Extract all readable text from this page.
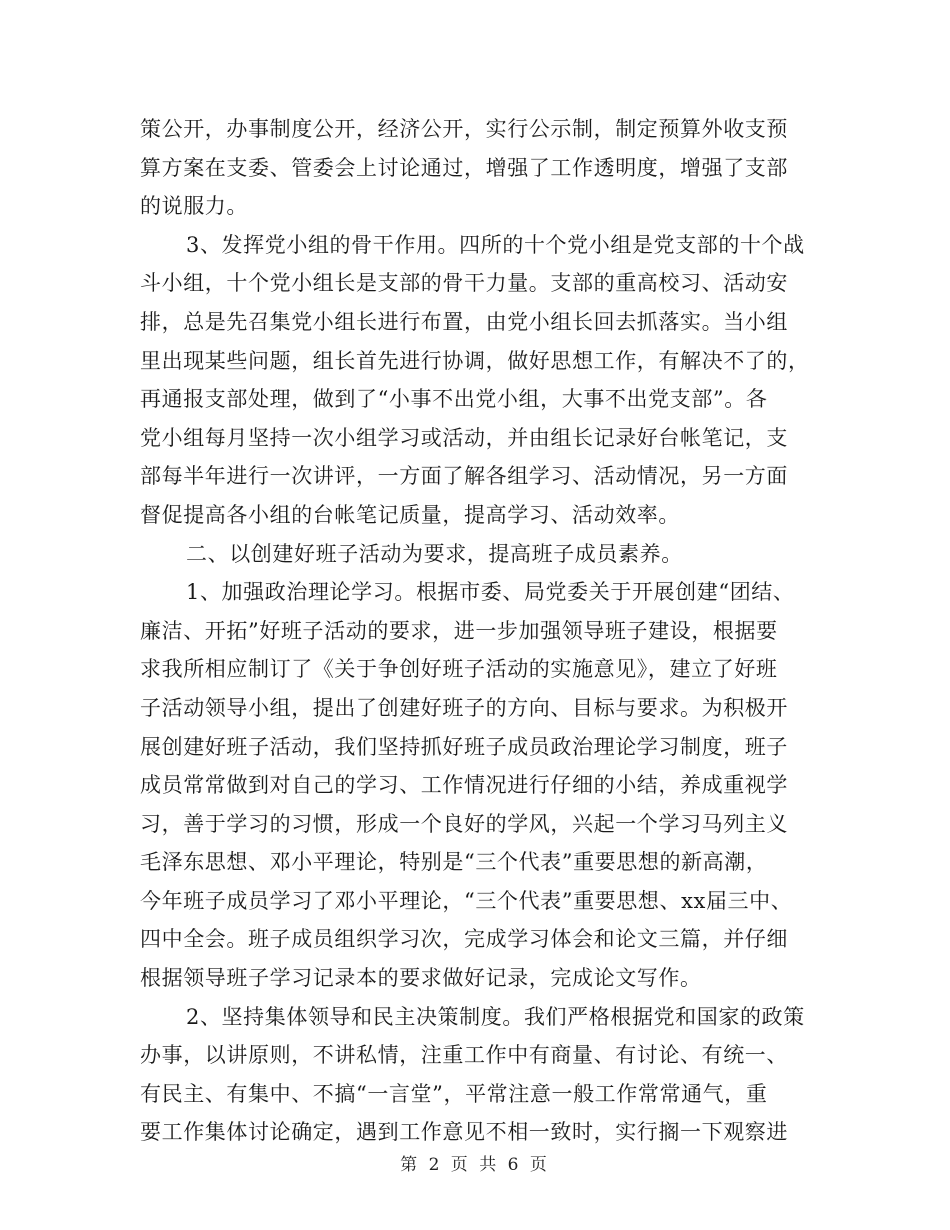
策公开，办事制度公开，经济公开，实行公示制，制定预算外收支预
算方案在支委、管委会上讨论通过，增强了工作透明度，增强了支部
的说服力。
3、发挥党小组的骨干作用。四所的十个党小组是党支部的十个战
斗小组，十个党小组长是支部的骨干力量。支部的重高校习、活动安
排，总是先召集党小组长进行布置，由党小组长回去抓落实。当小组
里出现某些问题，组长首先进行协调，做好思想工作，有解决不了的，
再通报支部处理，做到了“小事不出党小组，大事不出党支部”。各
党小组每月坚持一次小组学习或活动，并由组长记录好台帐笔记，支
部每半年进行一次讲评，一方面了解各组学习、活动情况，另一方面
督促提高各小组的台帐笔记质量，提高学习、活动效率。
二、以创建好班子活动为要求，提高班子成员素养。
1、加强政治理论学习。根据市委、局党委关于开展创建“团结、
廉洁、开拓”好班子活动的要求，进一步加强领导班子建设，根据要
求我所相应制订了《关于争创好班子活动的实施意见》，建立了好班
子活动领导小组，提出了创建好班子的方向、目标与要求。为积极开
展创建好班子活动，我们坚持抓好班子成员政治理论学习制度，班子
成员常常做到对自己的学习、工作情况进行仔细的小结，养成重视学
习，善于学习的习惯，形成一个良好的学风，兴起一个学习马列主义
毛泽东思想、邓小平理论，特别是“三个代表”重要思想的新高潮，
今年班子成员学习了邓小平理论，“三个代表”重要思想、xx届三中、
四中全会。班子成员组织学习次，完成学习体会和论文三篇，并仔细
根据领导班子学习记录本的要求做好记录，完成论文写作。
2、坚持集体领导和民主决策制度。我们严格根据党和国家的政策
办事，以讲原则，不讲私情，注重工作中有商量、有讨论、有统一、
有民主、有集中、不搞“一言堂”，平常注意一般工作常常通气，重
要工作集体讨论确定，遇到工作意见不相一致时，实行搁一下观察进
第 2 页 共 6 页
